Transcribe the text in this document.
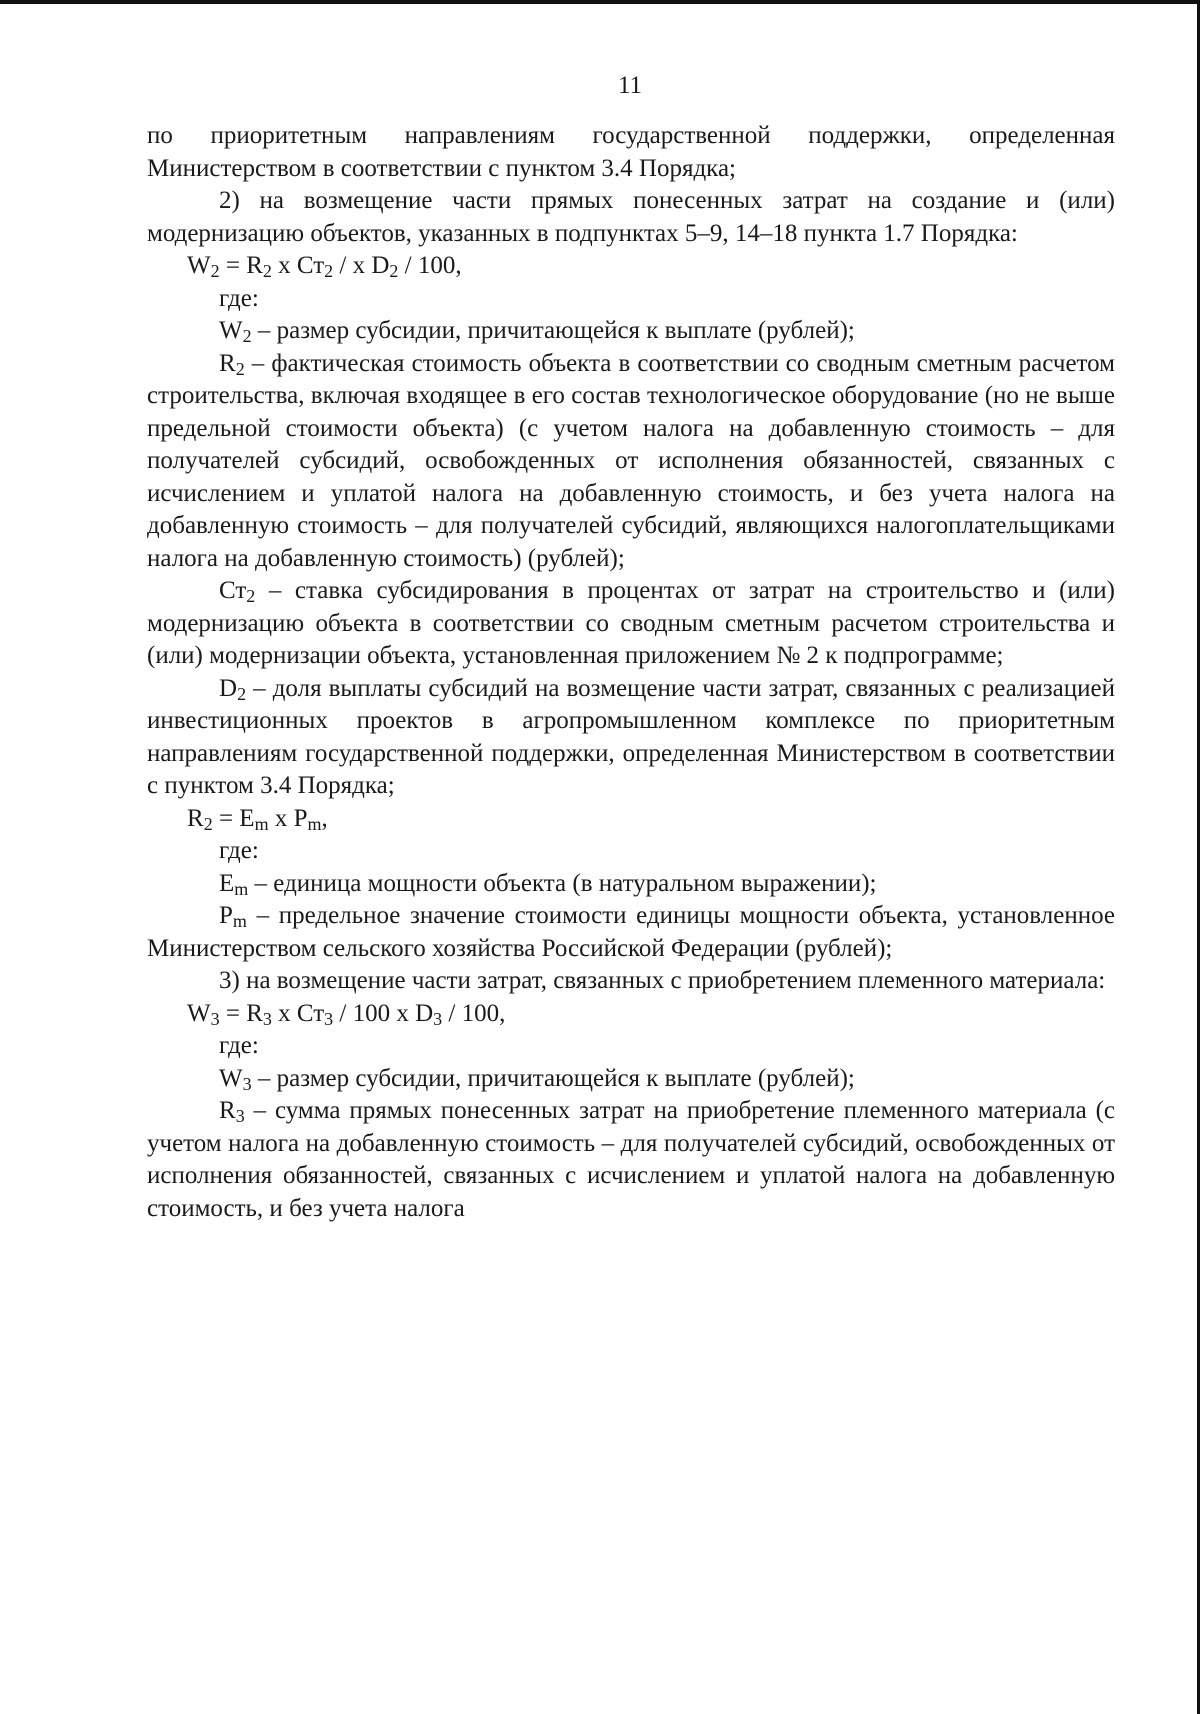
11

по приоритетным направлениям государственной поддержки, определенная Министерством в соответствии с пунктом 3.4 Порядка;

2) на возмещение части прямых понесенных затрат на создание и (или) модернизацию объектов, указанных в подпунктах 5–9, 14–18 пункта 1.7 Порядка:

$W_2 = R_2$ x $Ст_2$ / x $D_2 / 100$,

где:

$W_2$ – размер субсидии, причитающейся к выплате (рублей);

$R_2$ – фактическая стоимость объекта в соответствии со сводным сметным расчетом строительства, включая входящее в его состав технологическое оборудование (но не выше предельной стоимости объекта) (с учетом налога на добавленную стоимость – для получателей субсидий, освобожденных от исполнения обязанностей, связанных с исчислением и уплатой налога на добавленную стоимость, и без учета налога на добавленную стоимость – для получателей субсидий, являющихся налогоплательщиками налога на добавленную стоимость) (рублей);

$Ст_2$ – ставка субсидирования в процентах от затрат на строительство и (или) модернизацию объекта в соответствии со сводным сметным расчетом строительства и (или) модернизации объекта, установленная приложением № 2 к подпрограмме;

$D_2$ – доля выплаты субсидий на возмещение части затрат, связанных с реализацией инвестиционных проектов в агропромышленном комплексе по приоритетным направлениям государственной поддержки, определенная Министерством в соответствии с пунктом 3.4 Порядка;

$R_2 = E_m$ x $P_m$,

где:

$E_m$ – единица мощности объекта (в натуральном выражении);

$P_m$ – предельное значение стоимости единицы мощности объекта, установленное Министерством сельского хозяйства Российской Федерации (рублей);

3) на возмещение части затрат, связанных с приобретением племенного материала:

$W_3 = R_3$ x $Ст_3 / 100$ x $D_3 / 100$,

где:

$W_3$ – размер субсидии, причитающейся к выплате (рублей);

$R_3$ – сумма прямых понесенных затрат на приобретение племенного материала (с учетом налога на добавленную стоимость – для получателей субсидий, освобожденных от исполнения обязанностей, связанных с исчислением и уплатой налога на добавленную стоимость, и без учета налога
